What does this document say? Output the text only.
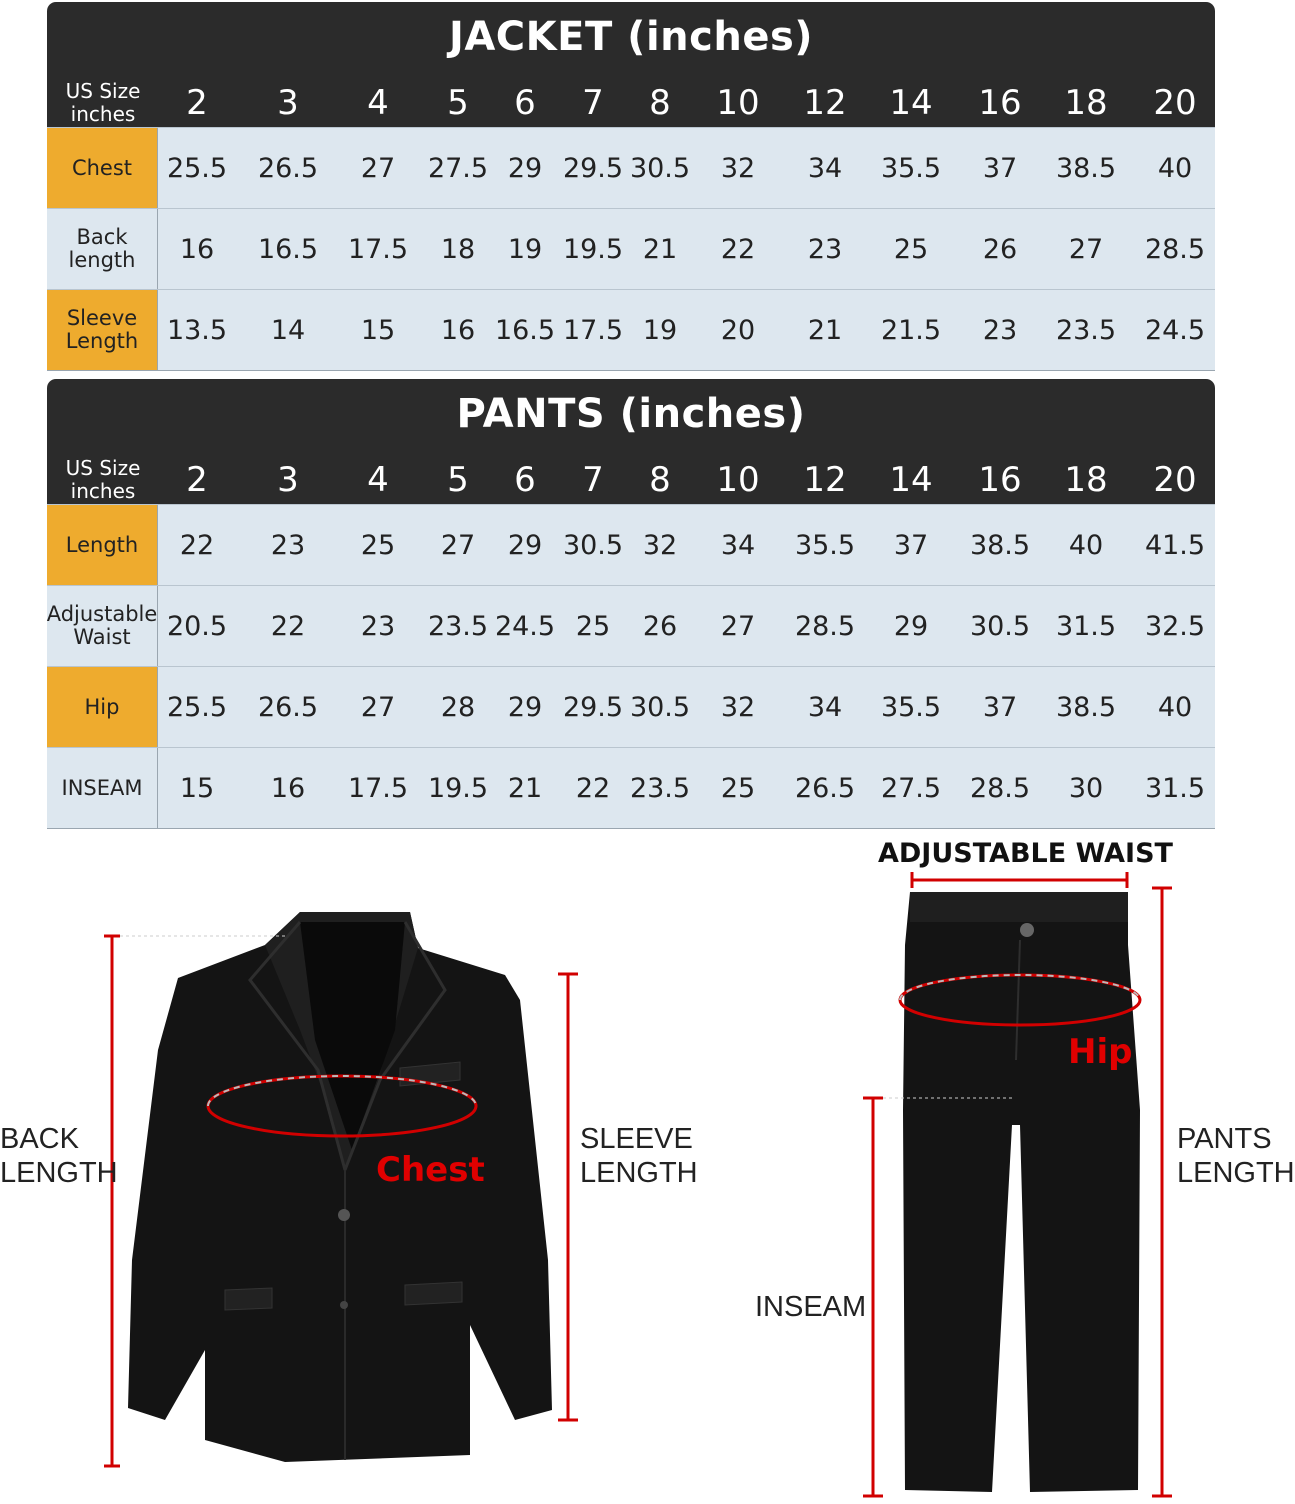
JACKET (inches)
US Size
inches 2 3 4 5 6 7 8 10 12 14 16 18 20
Chest	25.5 26.5 27 27.5 29 29.5 30.5 32 34 35.5 37 38.5 40
Back length	16 16.5 17.5 18 19 19.5 21 22 23 25 26 27 28.5
Sleeve Length	13.5 14 15 16 16.5 17.5 19 20 21 21.5 23 23.5 24.5
PANTS (inches)
US Size
inches 2 3 4 5 6 7 8 10 12 14 16 18 20
Length	22 23 25 27 29 30.5 32 34 35.5 37 38.5 40 41.5
Adjustable Waist	20.5 22 23 23.5 24.5 25 26 27 28.5 29 30.5 31.5 32.5
Hip	25.5 26.5 27 28 29 29.5 30.5 32 34 35.5 37 38.5 40
INSEAM	15 16 17.5 19.5 21 22 23.5 25 26.5 27.5 28.5 30 31.5
BACK
LENGTH
SLEEVE
LENGTH
Chest
ADJUSTABLE WAIST
Hip
INSEAM
PANTS
LENGTH
